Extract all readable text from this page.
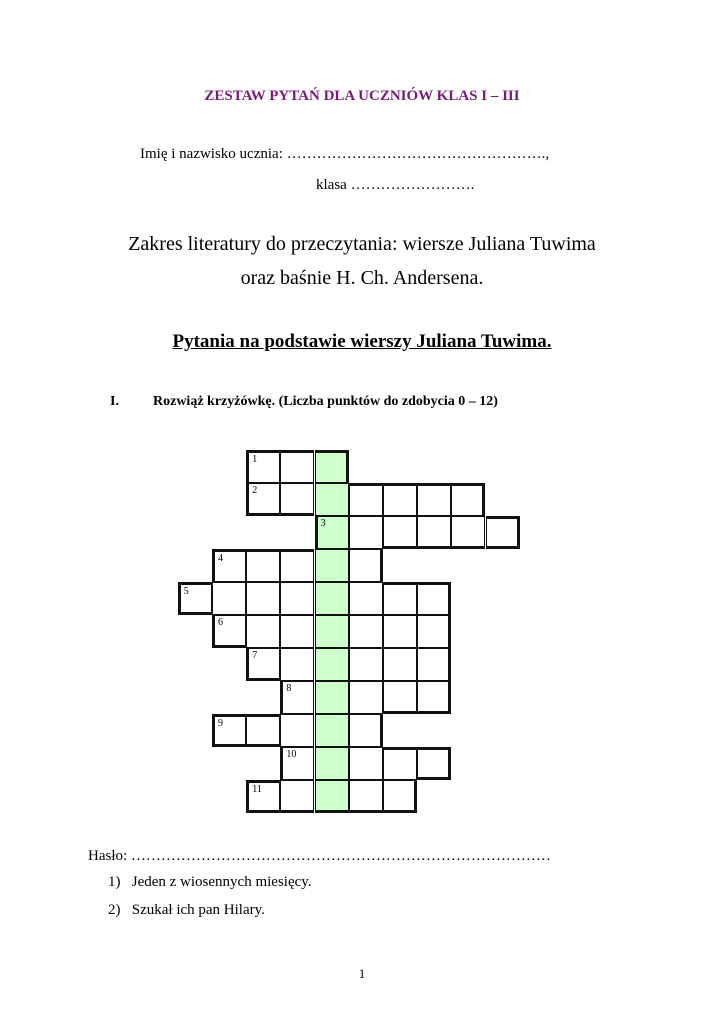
ZESTAW PYTAŃ DLA UCZNIÓW KLAS I – III
Imię i nazwisko ucznia: …………………………………………….,
klasa …………………….
Zakres literatury do przeczytania: wiersze Juliana Tuwima
oraz baśnie H. Ch. Andersena.
Pytania na podstawie wierszy Juliana Tuwima.
I. Rozwiąż krzyżówkę. (Liczba punktów do zdobycia 0 – 12)
1
2
3
4
5
6
7
8
9
10
11
Hasło: …………………………………………………………………………
1) Jeden z wiosennych miesięcy.
2) Szukał ich pan Hilary.
1
